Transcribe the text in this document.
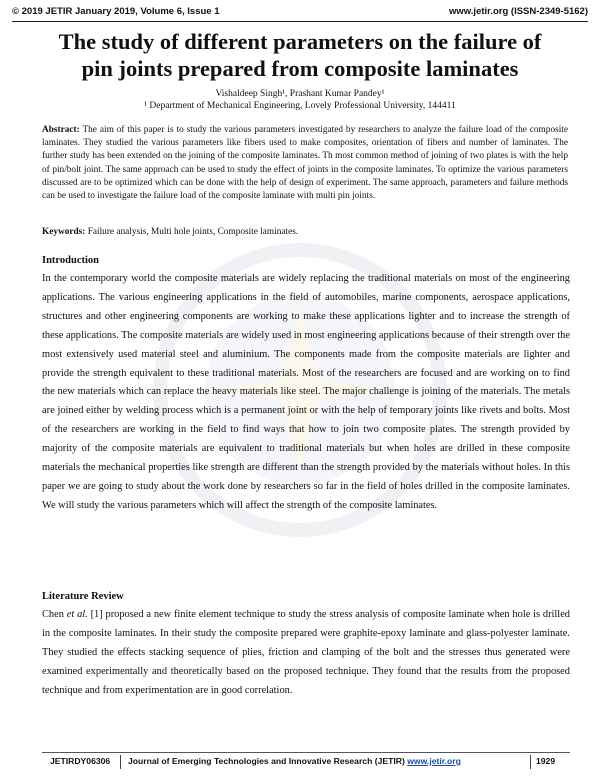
© 2019 JETIR January 2019, Volume 6, Issue 1	www.jetir.org (ISSN-2349-5162)
The study of different parameters on the failure of
pin joints prepared from composite laminates
Vishaldeep Singh¹, Prashant Kumar Pandey¹
¹ Department of Mechanical Engineering, Lovely Professional University, 144411
Abstract: The aim of this paper is to study the various parameters investigated by researchers to analyze the failure load of the composite laminates. They studied the various parameters like fibers used to make composites, orientation of fibers and number of laminates. The further study has been extended on the joining of the composite laminates. Th most common method of joining of two plates is with the help of pin/bolt joint. The same approach can be used to study the effect of joints in the composite laminates. To optimize the various parameters discussed are to be optimized which can be done with the help of design of experiment. The same approach, parameters and failure methods can be used to investigate the failure load of the composite laminate with multi pin joints.
Keywords: Failure analysis, Multi hole joints, Composite laminates.
Introduction
In the contemporary world the composite materials are widely replacing the traditional materials on most of the engineering applications. The various engineering applications in the field of automobiles, marine components, aerospace applications, structures and other engineering components are working to make these applications lighter and to increase the strength of these applications. The composite materials are widely used in most engineering applications because of their strength over the most extensively used material steel and aluminium. The components made from the composite materials are lighter and provide the strength equivalent to these traditional materials. Most of the researchers are focused and are working on to find the new materials which can replace the heavy materials like steel. The major challenge is joining of the materials. The metals are joined either by welding process which is a permanent joint or with the help of temporary joints like rivets and bolts. Most of the researchers are working in the field to find ways that how to join two composite plates. The strength provided by majority of the composite materials are equivalent to traditional materials but when holes are drilled in these composite materials the mechanical properties like strength are different than the strength provided by the materials without holes. In this paper we are going to study about the work done by researchers so far in the field of holes drilled in the composite laminates. We will study the various parameters which will affect the strength of the composite laminates.
Literature Review
Chen et al. [1] proposed a new finite element technique to study the stress analysis of composite laminate when hole is drilled in the composite laminates. In their study the composite prepared were graphite-epoxy laminate and glass-polyester laminate. They studied the effects stacking sequence of plies, friction and clamping of the bolt and the stresses thus generated were examined experimentally and theoretically based on the proposed technique. They found that the results from the proposed technique and from experimentation are in good correlation.
JETIRDY06306 Journal of Emerging Technologies and Innovative Research (JETIR) www.jetir.org	1929
